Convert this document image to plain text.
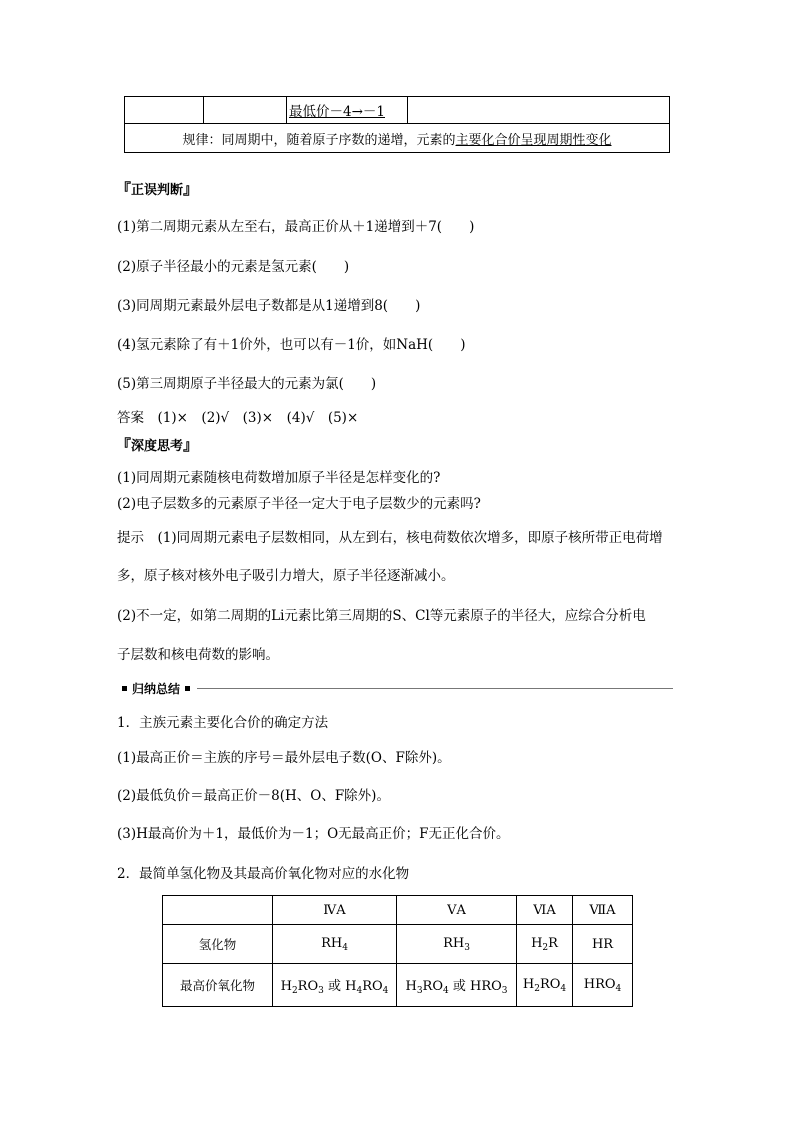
		最低价－4→－1	
规律：同周期中，随着原子序数的递增，元素的主要化合价呈现周期性变化
『正误判断』
(1)第二周期元素从左至右，最高正价从＋1递增到＋7(　　)
(2)原子半径最小的元素是氢元素(　　)
(3)同周期元素最外层电子数都是从1递增到8(　　)
(4)氢元素除了有＋1价外，也可以有－1价，如NaH(　　)
(5)第三周期原子半径最大的元素为氯(　　)
答案　(1)×　(2)√　(3)×　(4)√　(5)×
『深度思考』
(1)同周期元素随核电荷数增加原子半径是怎样变化的?
(2)电子层数多的元素原子半径一定大于电子层数少的元素吗?
提示　(1)同周期元素电子层数相同，从左到右，核电荷数依次增多，即原子核所带正电荷增
多，原子核对核外电子吸引力增大，原子半径逐渐减小。
(2)不一定，如第二周期的Li元素比第三周期的S、Cl等元素原子的半径大，应综合分析电
子层数和核电荷数的影响。
归纳总结
1．主族元素主要化合价的确定方法
(1)最高正价＝主族的序号＝最外层电子数(O、F除外)。
(2)最低负价＝最高正价－8(H、O、F除外)。
(3)H最高价为＋1，最低价为－1；O无最高正价；F无正化合价。
2．最简单氢化物及其最高价氧化物对应的水化物
	ⅣA	ⅤA	ⅥA	ⅦA
氢化物	$RH_4$	$RH_3$	$H_2R$	HR
最高价氧化物	$H_2RO_3$ 或 $H_4RO_4$	$H_3RO_4$ 或 $HRO_3$	$H_2RO_4$	$HRO_4$
